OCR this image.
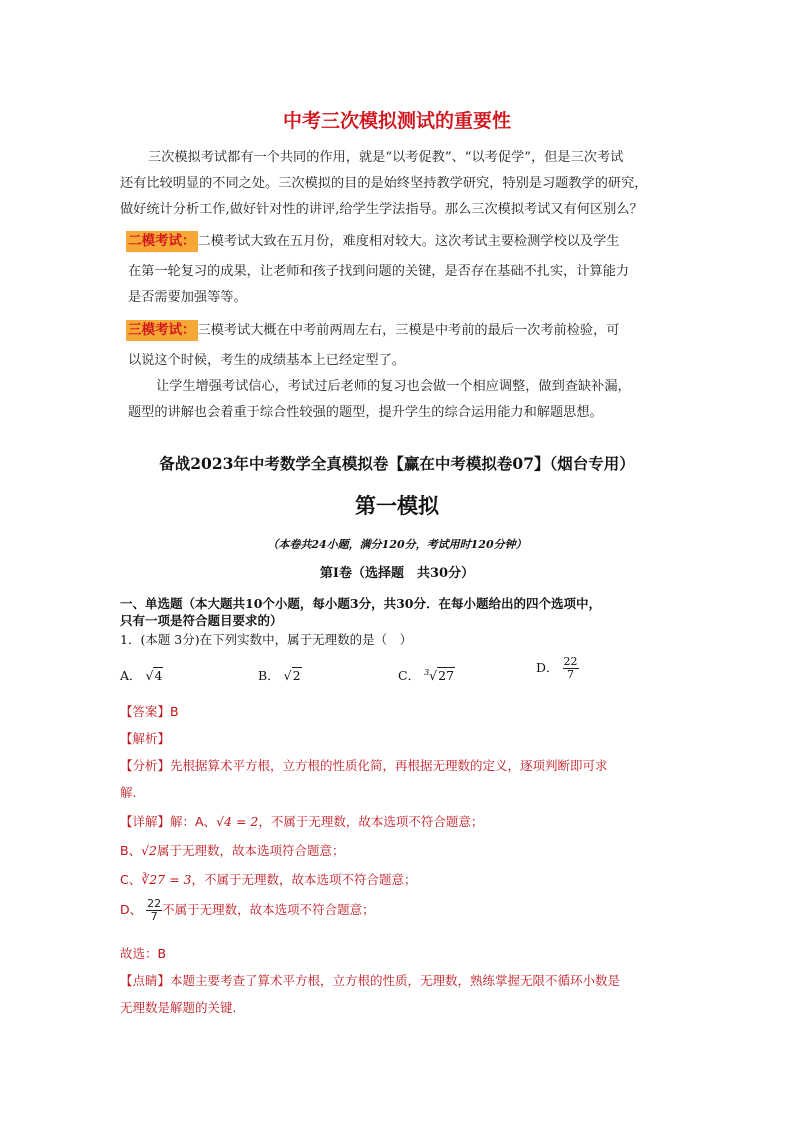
中考三次模拟测试的重要性
三次模拟考试都有一个共同的作用，就是“以考促教”、“以考促学”，但是三次考试
还有比较明显的不同之处。三次模拟的目的是始终坚持教学研究，特别是习题教学的研究，
做好统计分析工作,做好针对性的讲评,给学生学法指导。那么三次模拟考试又有何区别么？
二模考试： 二模考试大致在五月份，难度相对较大。这次考试主要检测学校以及学生
在第一轮复习的成果，让老师和孩子找到问题的关键，是否存在基础不扎实，计算能力
是否需要加强等等。
三模考试： 三模考试大概在中考前两周左右，三模是中考前的最后一次考前检验，可
以说这个时候，考生的成绩基本上已经定型了。
让学生增强考试信心，考试过后老师的复习也会做一个相应调整，做到查缺补漏，
题型的讲解也会着重于综合性较强的题型，提升学生的综合运用能力和解题思想。
备战2023年中考数学全真模拟卷【赢在中考模拟卷07】（烟台专用）
第一模拟
（本卷共24小题，满分120分，考试用时120分钟）
第Ⅰ卷（选择题　共30分）
一、单选题（本大题共10个小题，每小题3分，共30分．在每小题给出的四个选项中，
只有一项是符合题目要求的）
1．(本题 3分)在下列实数中，属于无理数的是（　）
A． √4	B． √2	C． $^3$√27
D． $\frac{22}{7}$
【答案】B
【解析】
【分析】先根据算术平方根，立方根的性质化简，再根据无理数的定义，逐项判断即可求
解.
【详解】解：A、√4 = 2，不属于无理数，故本选项不符合题意；
B、√2属于无理数，故本选项符合题意；
C、∛27 = 3，不属于无理数，故本选项不符合题意；
D、 $\frac{22}{7}$ 不属于无理数，故本选项不符合题意；
故选：B
【点睛】本题主要考查了算术平方根，立方根的性质，无理数，熟练掌握无限不循环小数是
无理数是解题的关键.
